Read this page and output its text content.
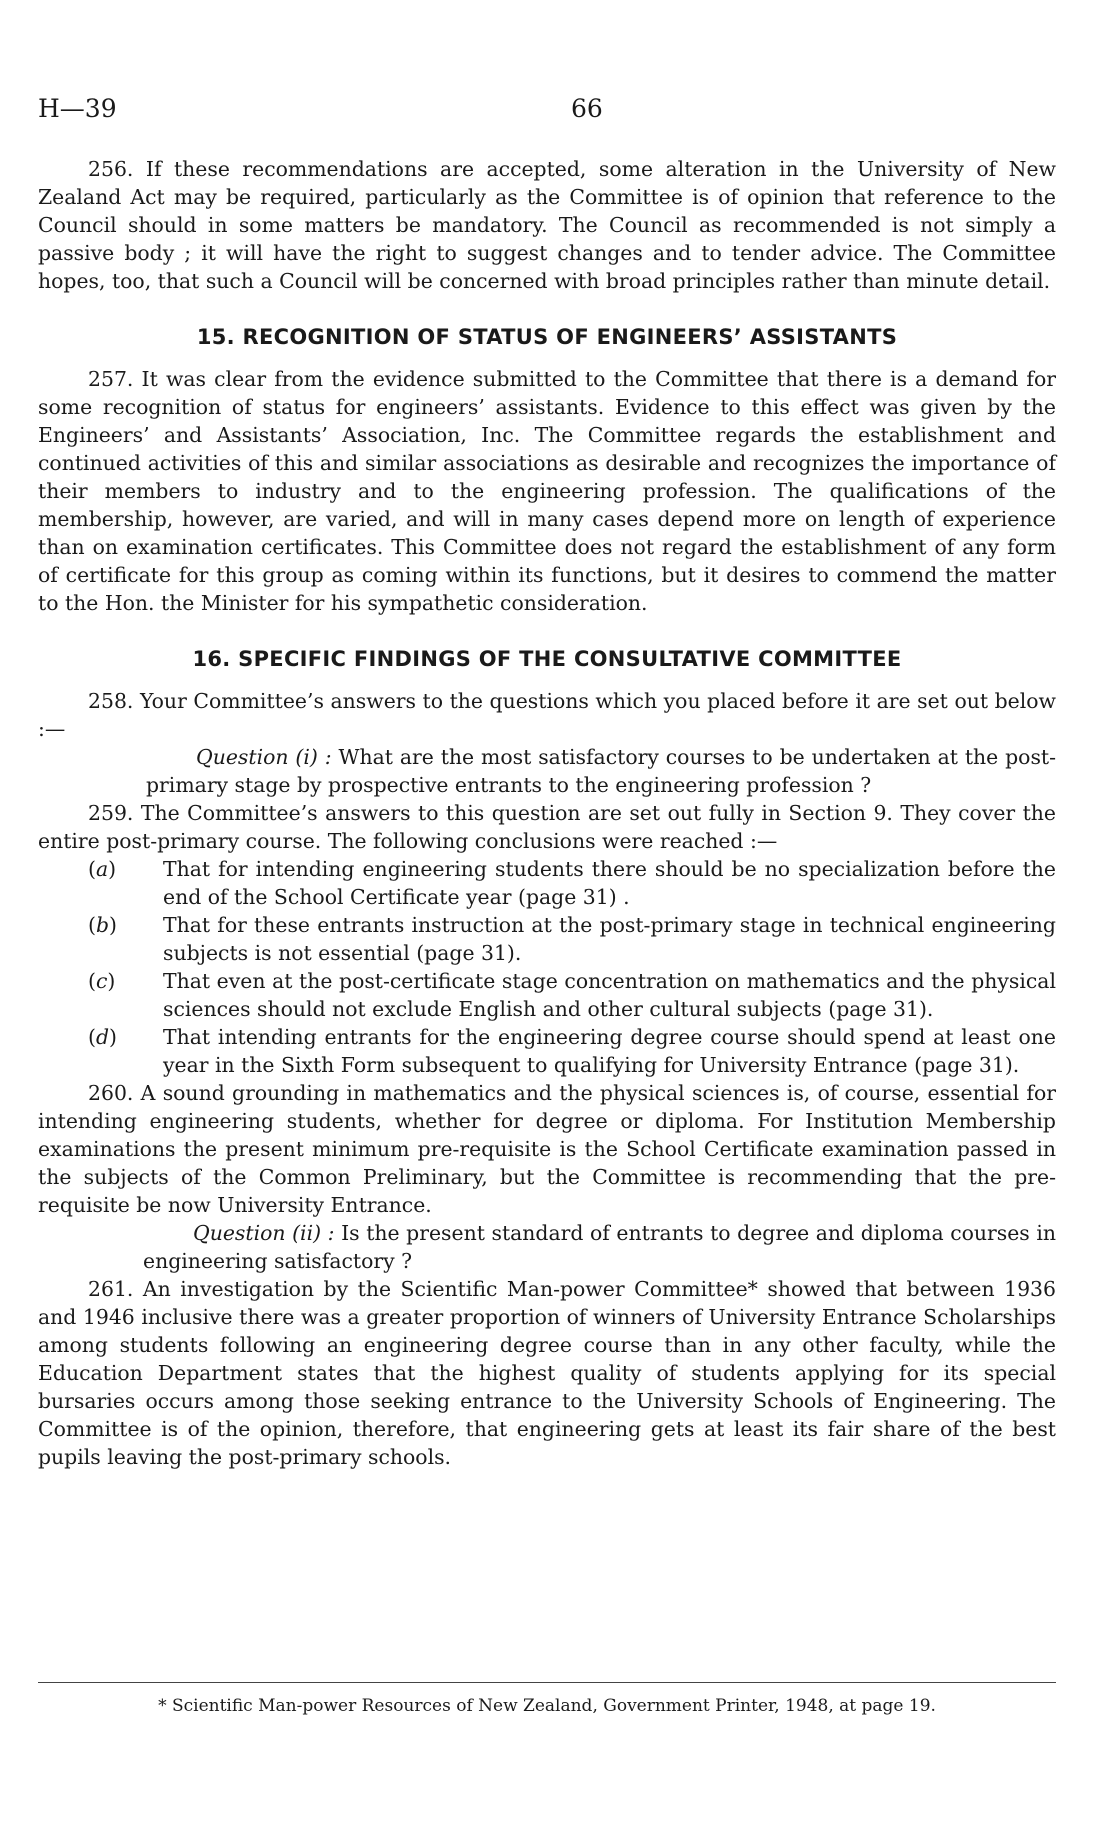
H—39	66

256. If these recommendations are accepted, some alteration in the University of New Zealand Act may be required, particularly as the Committee is of opinion that reference to the Council should in some matters be mandatory. The Council as recommended is not simply a passive body ; it will have the right to suggest changes and to tender advice. The Committee hopes, too, that such a Council will be concerned with broad principles rather than minute detail.

15. RECOGNITION OF STATUS OF ENGINEERS’ ASSISTANTS

257. It was clear from the evidence submitted to the Committee that there is a demand for some recognition of status for engineers’ assistants. Evidence to this effect was given by the Engineers’ and Assistants’ Association, Inc. The Committee regards the establishment and continued activities of this and similar associations as desirable and recognizes the importance of their members to industry and to the engineering profession. The qualifications of the membership, however, are varied, and will in many cases depend more on length of experience than on examination certificates. This Committee does not regard the establishment of any form of certificate for this group as coming within its functions, but it desires to commend the matter to the Hon. the Minister for his sympathetic consideration.

16. SPECIFIC FINDINGS OF THE CONSULTATIVE COMMITTEE

258. Your Committee’s answers to the questions which you placed before it are set out below :—

Question (i) : What are the most satisfactory courses to be undertaken at the post-primary stage by prospective entrants to the engineering profession ?

259. The Committee’s answers to this question are set out fully in Section 9. They cover the entire post-primary course. The following conclusions were reached :—

(a) That for intending engineering students there should be no specialization before the end of the School Certificate year (page 31) .
(b) That for these entrants instruction at the post-primary stage in technical engineering subjects is not essential (page 31).
(c) That even at the post-certificate stage concentration on mathematics and the physical sciences should not exclude English and other cultural subjects (page 31).
(d) That intending entrants for the engineering degree course should spend at least one year in the Sixth Form subsequent to qualifying for University Entrance (page 31).

260. A sound grounding in mathematics and the physical sciences is, of course, essential for intending engineering students, whether for degree or diploma. For Institution Membership examinations the present minimum pre-requisite is the School Certificate examination passed in the subjects of the Common Preliminary, but the Committee is recommending that the pre-requisite be now University Entrance.

Question (ii) : Is the present standard of entrants to degree and diploma courses in engineering satisfactory ?

261. An investigation by the Scientific Man-power Committee* showed that between 1936 and 1946 inclusive there was a greater proportion of winners of University Entrance Scholarships among students following an engineering degree course than in any other faculty, while the Education Department states that the highest quality of students applying for its special bursaries occurs among those seeking entrance to the University Schools of Engineering. The Committee is of the opinion, therefore, that engineering gets at least its fair share of the best pupils leaving the post-primary schools.

* Scientific Man-power Resources of New Zealand, Government Printer, 1948, at page 19.
